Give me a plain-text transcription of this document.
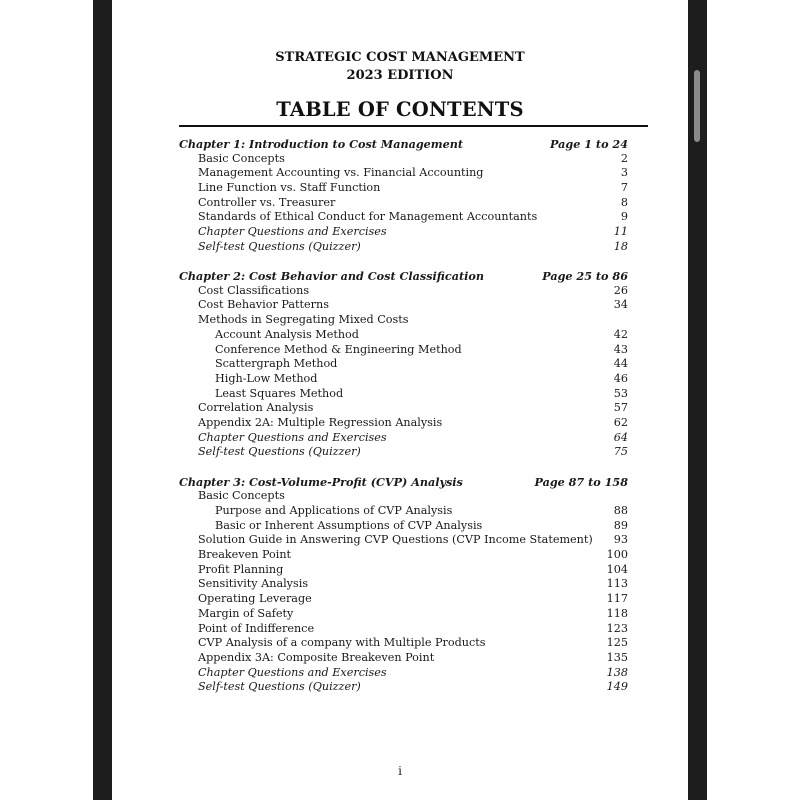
STRATEGIC COST MANAGEMENT
2023 EDITION
TABLE OF CONTENTS
Chapter 1: Introduction to Cost Management	Page 1 to 24
Basic Concepts	2
Management Accounting vs. Financial Accounting	3
Line Function vs. Staff Function	7
Controller vs. Treasurer	8
Standards of Ethical Conduct for Management Accountants	9
Chapter Questions and Exercises	11
Self-test Questions (Quizzer)	18
Chapter 2: Cost Behavior and Cost Classification	Page 25 to 86
Cost Classifications	26
Cost Behavior Patterns	34
Methods in Segregating Mixed Costs
Account Analysis Method	42
Conference Method & Engineering Method	43
Scattergraph Method	44
High-Low Method	46
Least Squares Method	53
Correlation Analysis	57
Appendix 2A: Multiple Regression Analysis	62
Chapter Questions and Exercises	64
Self-test Questions (Quizzer)	75
Chapter 3: Cost-Volume-Profit (CVP) Analysis	Page 87 to 158
Basic Concepts
Purpose and Applications of CVP Analysis	88
Basic or Inherent Assumptions of CVP Analysis	89
Solution Guide in Answering CVP Questions (CVP Income Statement) 93
Breakeven Point	100
Profit Planning	104
Sensitivity Analysis	113
Operating Leverage	117
Margin of Safety	118
Point of Indifference	123
CVP Analysis of a company with Multiple Products	125
Appendix 3A: Composite Breakeven Point	135
Chapter Questions and Exercises	138
Self-test Questions (Quizzer)	149
i
